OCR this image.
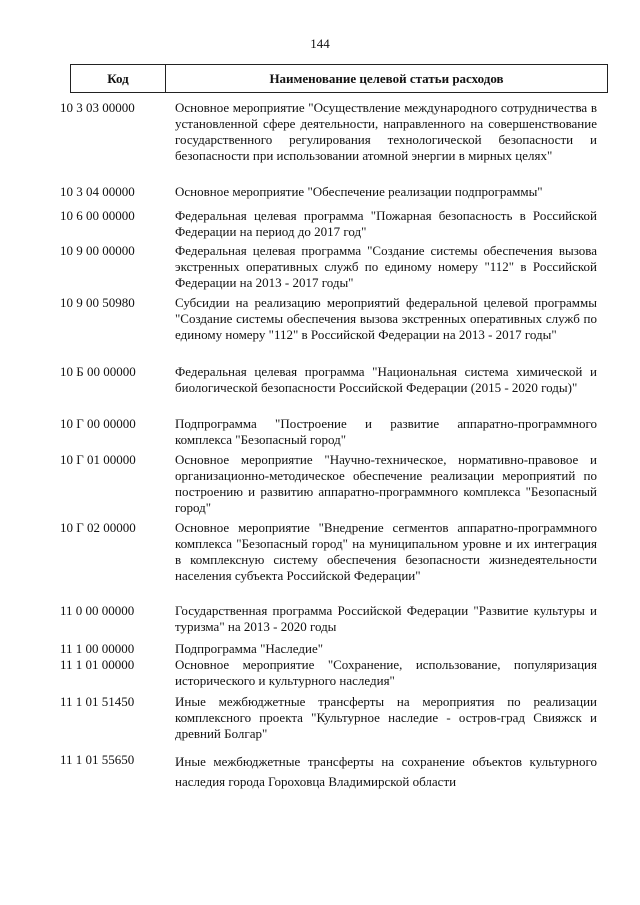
144
Код	Наименование целевой статьи расходов
10 3 03 00000	Основное мероприятие "Осуществление международного сотрудничества в установленной сфере деятельности, направленного на совершенствование государственного регулирования технологической безопасности и безопасности при использовании атомной энергии в мирных целях"
10 3 04 00000	Основное мероприятие "Обеспечение реализации подпрограммы"
10 6 00 00000	Федеральная целевая программа "Пожарная безопасность в Российской Федерации на период до 2017 год"
10 9 00 00000	Федеральная целевая программа "Создание системы обеспечения вызова экстренных оперативных служб по единому номеру "112" в Российской Федерации на 2013 - 2017 годы"
10 9 00 50980	Субсидии на реализацию мероприятий федеральной целевой программы "Создание системы обеспечения вызова экстренных оперативных служб по единому номеру "112" в Российской Федерации на 2013 - 2017 годы"
10 Б 00 00000	Федеральная целевая программа "Национальная система химической и биологической безопасности Российской Федерации (2015 - 2020 годы)"
10 Г 00 00000	Подпрограмма "Построение и развитие аппаратно-программного комплекса "Безопасный город"
10 Г 01 00000	Основное мероприятие "Научно-техническое, нормативно-правовое и организационно-методическое обеспечение реализации мероприятий по построению и развитию аппаратно-программного комплекса "Безопасный город"
10 Г 02 00000	Основное мероприятие "Внедрение сегментов аппаратно-программного комплекса "Безопасный город" на муниципальном уровне и их интеграция в комплексную систему обеспечения безопасности жизнедеятельности населения субъекта Российской Федерации"
11 0 00 00000	Государственная программа Российской Федерации "Развитие культуры и туризма" на 2013 - 2020 годы
11 1 00 00000	Подпрограмма "Наследие"
11 1 01 00000	Основное мероприятие "Сохранение, использование, популяризация исторического и культурного наследия"
11 1 01 51450	Иные межбюджетные трансферты на мероприятия по реализации комплексного проекта "Культурное наследие - остров-град Свияжск и древний Болгар"
11 1 01 55650	Иные межбюджетные трансферты на сохранение объектов культурного наследия города Гороховца Владимирской области
